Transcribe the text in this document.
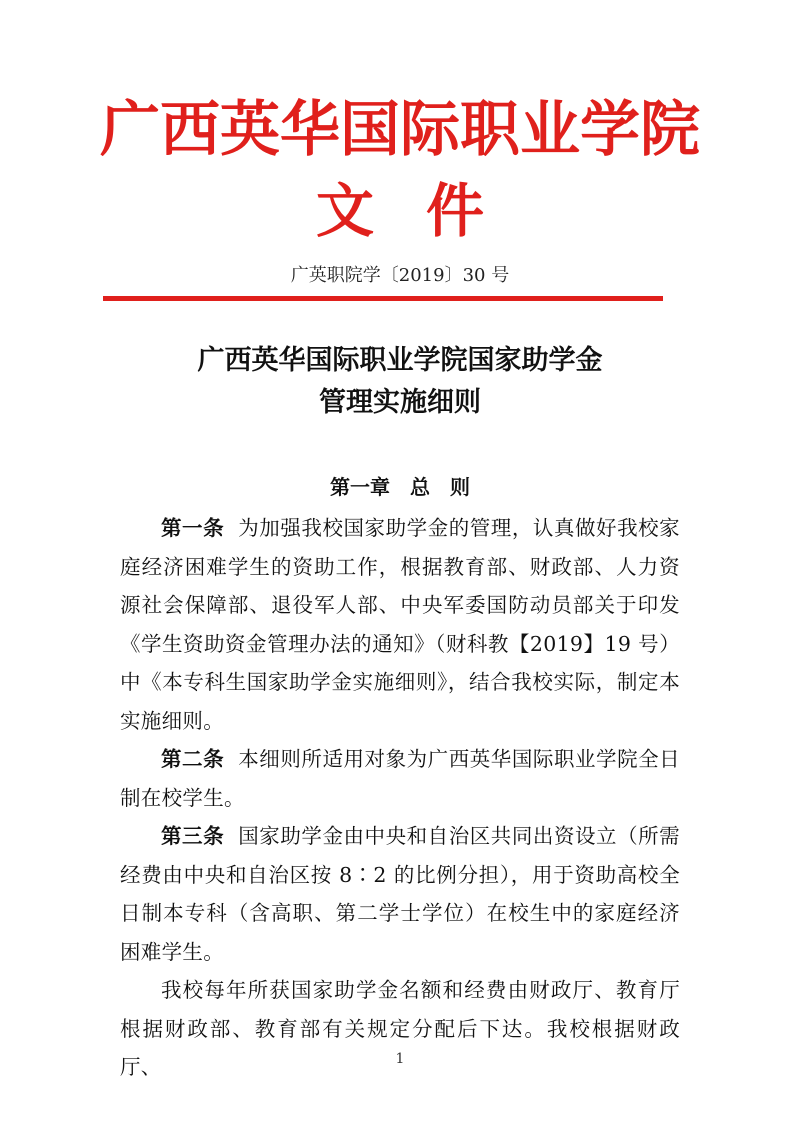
广西英华国际职业学院
文件
广英职院学〔2019〕30 号
广西英华国际职业学院国家助学金
管理实施细则
第一章　总　则

第一条 为加强我校国家助学金的管理，认真做好我校家庭经济困难学生的资助工作，根据教育部、财政部、人力资源社会保障部、退役军人部、中央军委国防动员部关于印发《学生资助资金管理办法的通知》（财科教【2019】19 号）中《本专科生国家助学金实施细则》，结合我校实际，制定本实施细则。

第二条 本细则所适用对象为广西英华国际职业学院全日制在校学生。

第三条 国家助学金由中央和自治区共同出资设立（所需经费由中央和自治区按 8∶2 的比例分担），用于资助高校全日制本专科（含高职、第二学士学位）在校生中的家庭经济困难学生。

我校每年所获国家助学金名额和经费由财政厅、教育厅根据财政部、教育部有关规定分配后下达。我校根据财政厅、	1
